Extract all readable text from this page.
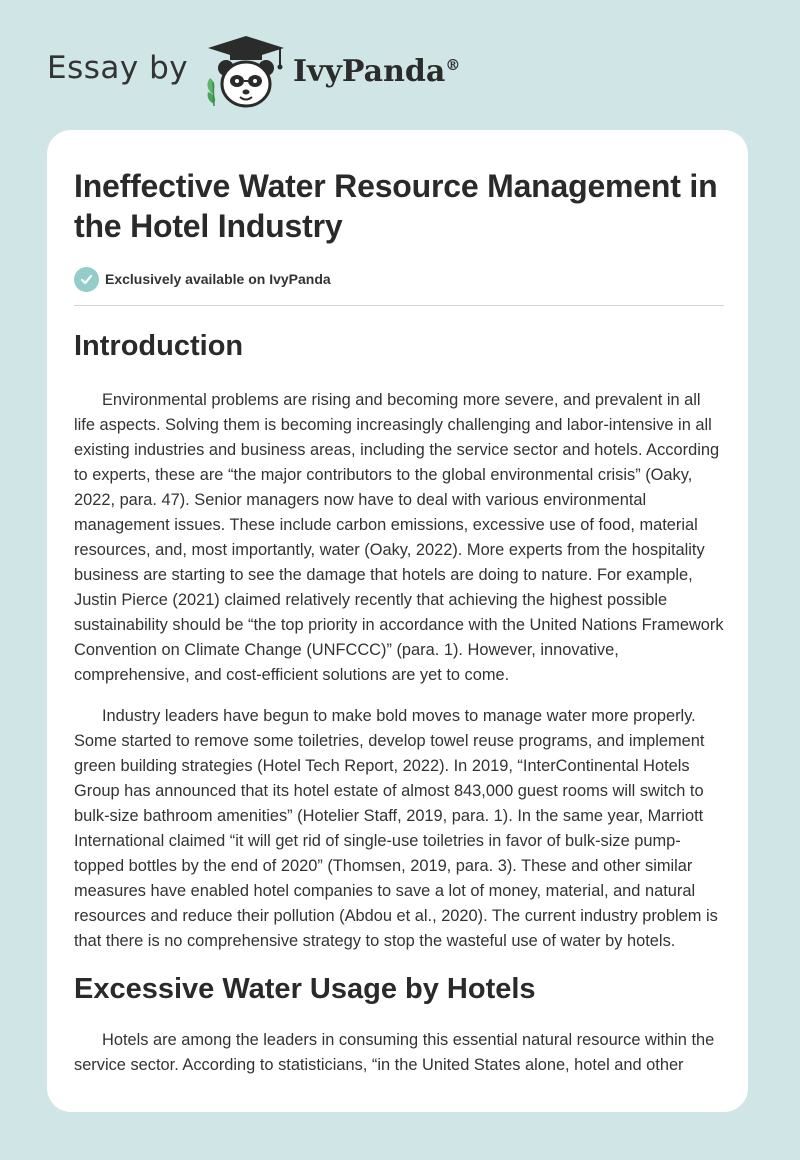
Essay by	IvyPanda®
Ineffective Water Resource Management in the Hotel Industry
Exclusively available on IvyPanda
Introduction

Environmental problems are rising and becoming more severe, and prevalent in all life aspects. Solving them is becoming increasingly challenging and labor-intensive in all existing industries and business areas, including the service sector and hotels. According to experts, these are “the major contributors to the global environmental crisis” (Oaky, 2022, para. 47). Senior managers now have to deal with various environmental management issues. These include carbon emissions, excessive use of food, material resources, and, most importantly, water (Oaky, 2022). More experts from the hospitality business are starting to see the damage that hotels are doing to nature. For example, Justin Pierce (2021) claimed relatively recently that achieving the highest possible sustainability should be “the top priority in accordance with the United Nations Framework Convention on Climate Change (UNFCCC)” (para. 1). However, innovative, comprehensive, and cost-efficient solutions are yet to come.

Industry leaders have begun to make bold moves to manage water more properly. Some started to remove some toiletries, develop towel reuse programs, and implement green building strategies (Hotel Tech Report, 2022). In 2019, “InterContinental Hotels Group has announced that its hotel estate of almost 843,000 guest rooms will switch to bulk-size bathroom amenities” (Hotelier Staff, 2019, para. 1). In the same year, Marriott International claimed “it will get rid of single-use toiletries in favor of bulk-size pump-topped bottles by the end of 2020” (Thomsen, 2019, para. 3). These and other similar measures have enabled hotel companies to save a lot of money, material, and natural resources and reduce their pollution (Abdou et al., 2020). The current industry problem is that there is no comprehensive strategy to stop the wasteful use of water by hotels.

Excessive Water Usage by Hotels

Hotels are among the leaders in consuming this essential natural resource within the service sector. According to statisticians, “in the United States alone, hotel and other
